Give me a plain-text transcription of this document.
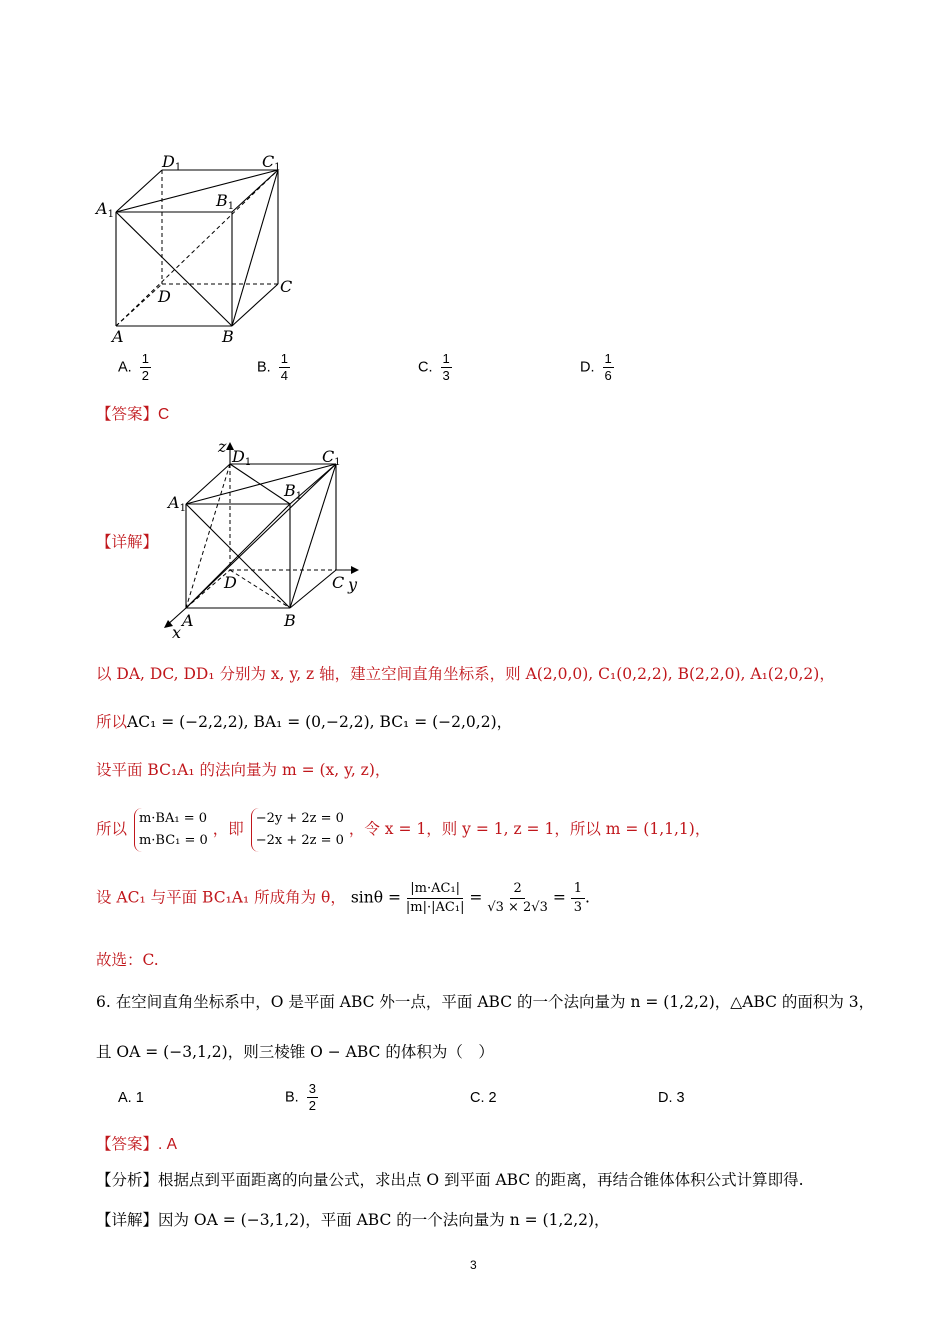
D1	C1
A1
B1
D
C
A	B
A. $\frac{1}{2}$	B. $\frac{1}{4}$	C. $\frac{1}{3}$	D. $\frac{1}{6}$
【答案】C
z
D1	C1
A1
B1
D	C y
A	B
x
【详解】
以 DA, DC, DD₁ 分别为 x, y, z 轴，建立空间直角坐标系，则 A(2,0,0), C₁(0,2,2), B(2,2,0), A₁(2,0,2)，
所以AC₁ = (−2,2,2), BA₁ = (0,−2,2), BC₁ = (−2,0,2)，
设平面 BC₁A₁ 的法向量为 m = (x, y, z)，
所以 m·BA₁ = 0
m·BC₁ = 0 ，即 −2y + 2z = 0
−2x + 2z = 0 ，令 x = 1，则 y = 1, z = 1，所以 m = (1,1,1)，
设 AC₁ 与平面 BC₁A₁ 所成角为 θ， $\sin\theta = \frac{\text{|m·AC₁|}}{\text{|m|·|AC₁|}} = \frac{2}{√3 \times 2√3} = \frac{1}{3}$ .
故选：C.
6. 在空间直角坐标系中，O 是平面 ABC 外一点，平面 ABC 的一个法向量为 n = (1,2,2)，△ABC 的面积为 3，
且 OA = (−3,1,2)，则三棱锥 O − ABC 的体积为（　）
A. 1	B. $\frac{3}{2}$	C. 2	D. 3
【答案】. A
【分析】根据点到平面距离的向量公式，求出点 O 到平面 ABC 的距离，再结合锥体体积公式计算即得.
【详解】因为 OA = (−3,1,2)，平面 ABC 的一个法向量为 n = (1,2,2)，
3
